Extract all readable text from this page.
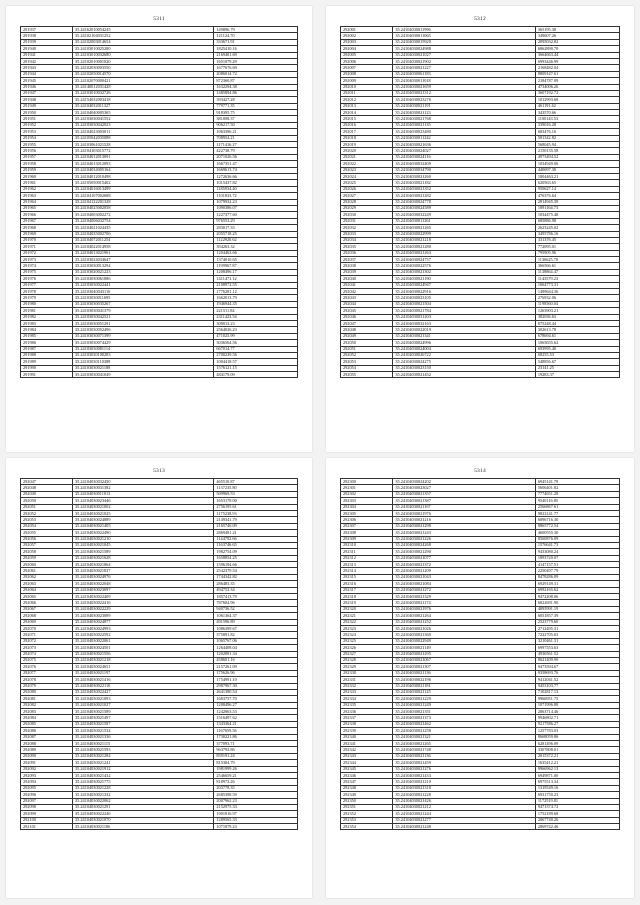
5311
291937	35.24162010054245	149896.79
291938	35.24102104031252	121124.70
291939	35.24102003014654	333671.91
291940	35.24103010025280	1825410.16
291941	35.24103010032680	2169481.69
291942	35.24102010001020	1651079.29
291943	35.24102030003550	1677676.69
291944	35.24102050014570	2086014.72
291945	35.24102070000421	872360.87
291946	35.24140012031428	1632294.38
291947	35.24103010032726	1485894.86
291948	35.24154032003418	393427.28
291949	35.24104032011327	779771.35
291950	35.24104040005365	918395.75
291951	35.24103030041552	381008.37
291952	35.24103030042023	906217.50
291953	35.24104023003011	1063396.21
291954	35.24105042035088	708954.21
291955	35.24103061021528	1171416.27
291956	35.24104103015772	422738.79
291957	35.24104012013091	2071026.56
291958	35.24104013012093	1667351.47
291959	35.24104034005164	1669613.74
291960	35.24104012010498	1272636.66
291961	35.24105050015402	1015437.82
291962	35.24104016013499	1185934.40
291963	35.24104107002688	1101833.72
291964	35.24104122201328	1079932.23
291965	35.24104025002058	1090386.07
291966	35.24104003002272	1227377.60
291967	35.24104006032754	976553.29
291968	35.24104021024435	283017.33
291969	35.24104035002706	2055718.25
291970	35.24104072011254	1122920.62
291971	35.24104022014958	394263.32
291972	35.24104013021961	1204463.66
291973	35.24103024034647	1374010.65
291974	35.24103030013294	1199967.87
291975	35.24103020021223	1208496.17
291976	35.24103030061886	1411471.12
291977	35.24103030022441	2108972.55
291978	35.24103040043116	1776281.12
291979	35.24103030011695	1662013.79
291980	35.24103030035267	1946944.35
291981	35.24103030041379	221511.84
291982	35.24103030042521	2311423.54
291983	35.24103030051291	300013.23
291984	35.24103030052496	2564026.23
291985	35.24103030071399	471025.99
291986	35.24103030074429	3036564.56
291987	35.24103030081114	667014.77
291988	35.24103030100283	2700239.56
291989	35.24103030110388	1004418.57
291990	35.24103030021188	1576121.15
291991	35.24103030041049	484179.09
5312
292001	35.24104030011996	365195.38
292002	35.24104030011065	349607.26
292003	35.24104030015920	2095032.82
292004	35.24104030024988	6862890.70
292005	35.24104030021027	3664663.44
292006	35.24104030021902	6993446.99
292007	35.24104030021227	2168482.04
292008	35.24104030061183	8809147.61
292009	35.24104030011018	2184787.09
292010	35.24104030021659	4734006.26
292011	35.24104030021312	3607192.72
292012	35.24104030023276	1012993.68
292013	35.24104030021191	461191.62
292014	35.24104030021123	343570.66
292015	35.24104030021768	1100143.53
292016	35.24104030021135	339016.28
292017	35.24104030023480	683476.16
292018	35.24104030011242	581342.82
292019	35.24104030021636	568045.94
292020	35.24104030024027	2150135.58
292021	35.24104030024116	4973494.52
292022	35.24104030032409	1034949.06
292023	35.24104030034790	440697.30
292024	35.24104030021260	1004463.21
292025	35.24104030021182	620563.65
292026	35.24104030021352	950627.14
292027	35.24104030021282	476376.64
292028	35.24104030024778	2814945.39
292029	35.24104030024589	1091164.73
292030	35.24104030032249	1034475.48
292031	35.24104030011261	685886.98
292032	35.24104030021265	2623245.02
292033	35.24104030022999	3495786.16
292034	35.24104030021218	331376.45
292035	35.24104030021280	772095.01
292036	35.24104030021263	795905.96
292037	35.24104030024757	1136625.70
292038	35.24104030022576	366566.61
292039	35.24104030021302	1138864.47
292040	35.24104030021190	1143579.23
292041	35.24104030024947	1064773.31
292042	35.24104030022916	1499644.36
292043	35.24104030023105	276932.06
292044	35.24104030021504	1198560.04
292045	35.24104030021784	1263903.21
292046	35.24104030031203	382036.63
292047	35.24104030032163	875248.44
292048	35.24104030022019	302613.78
292049	35.24104030021341	678694.61
292050	35.24104030024996	1065655.62
292051	35.24104030024004	693995.40
292052	35.24104030026722	68255.53
292053	35.24104030024275	548856.67
292054	35.24104030023150	23141.25
292055	35.24104030021452	19283.37
5313
292047	35.24104030032450	465510.87
292048	35.24104030031382	1137235.80
292049	35.24104030011013	509969.53
292050	35.24104030023446	1653178.00
292051	35.24104030021002	2756195.61
292052	35.24104030021025	1175238.93
292053	35.24104030024889	2149341.79
292054	35.24104030021405	2165746.09
292055	35.24104030022490	2869481.21
292056	35.24104030021210	1144792.66
292057	35.24104030021045	1163746.65
292058	35.24104030021589	1982754.09
292059	35.24104030021628	1658854.25
292060	35.24104030021864	1596194.66
292061	35.24104030021837	2542379.54
292062	35.24104030024976	1744342.82
292063	35.24104030022048	286483.35
292064	35.24104030023097	494753.34
292065	35.24104030022409	1857413.79
292066	35.24104030022416	787604.96
292067	35.24104030022229	940736.52
292068	35.24104030023089	1061364.37
292069	35.24104030024877	491596.89
292070	35.24104030024993	1086399.67
292071	35.24104030022592	375891.82
292072	35.24104030022061	1065767.06
292073	35.24104030024501	1264408.04
292074	35.24104030021556	1202891.34
292075	35.24104030021218	458601.16
292076	35.24104030024651	2157261.09
292077	35.24104030021197	175626.96
292078	35.24104030021416	1754991.10
292079	35.24104030022110	2987967.30
292080	35.24104030022427	2641380.54
292081	35.24104030021093	1683757.70
292082	35.24104030021027	1208496.27
292083	35.24104030021589	1242063.53
292084	35.24104030021497	1516497.62
292085	35.24104030021587	1343364.21
292086	35.24104030021534	1167659.56
292087	35.24104030021336	1730221.86
292088	35.24104030021115	377093.71
292089	35.24104030021593	963793.86
292090	35.24104030021284	859191.24
292091	35.24104030021241	815384.79
292092	35.24104030021912	1981999.26
292093	35.24104030021432	2546659.21
292094	35.24104030021775	818973.26
292095	35.24104030021228	203778.35
292096	35.24104030021332	2685398.59
292097	35.24104030022062	2007962.23
292098	35.24104030021291	2152975.33
292099	35.24104030022246	1901816.97
292100	35.24104030021070	1289565.33
292101	35.24104030021186	1071879.23
5314
292300	35.24104030024202	6945141.78
292301	35.24104030023027	5606401.82
292302	35.24104030021357	7774651.28
292303	35.24104030021387	9540116.85
292304	35.24104030021167	2566867.61
292305	35.24104030021976	9823141.77
292306	35.24104030021216	6896716.30
292307	35.24104030021298	8865772.54
292308	35.24104030021243	4600555.30
292309	35.24104030021226	8560876.09
292310	35.24104030024268	1576641.73
292311	35.24104030021290	9433080.24
292312	35.24104030021077	1893720.07
292313	35.24104030021372	4147157.51
292314	35.24104030021209	2250497.79
292315	35.24104030021043	8478286.09
292316	35.24104030021084	6929149.31
292317	35.24104030021272	6992165.62
292318	35.24104030021329	9472208.06
292319	35.24104030021174	6822691.90
292320	35.24104030021976	4895991.19
292321	35.24104030021264	6051857.39
292322	35.24104030021252	2523779.60
292323	35.24104030021026	2712495.31
292324	35.24104030021360	7222705.63
292325	35.24104030022949	3210461.31
292326	35.24104030021149	6997553.63
292327	35.24104030021295	4936561.52
292328	35.24104030021067	8621409.90
292329	35.24104030021307	9473594.67
292330	35.24104030021136	9358693.76
292331	35.24104030022196	9412041.52
292332	35.24104030021181	9453103.77
292333	35.24104030021125	7102817.13
292334	35.24104030021229	9966951.75
292335	35.24104030021249	1071996.88
292336	35.24104030021351	2063714.46
292337	35.24104030021373	9946802.71
292338	35.24104030021462	9217586.27
292339	35.24104030021258	1257783.03
292340	35.24104030021321	8668059.86
292341	35.24104030021265	6281496.09
292342	35.24104030021748	3307808.01
292343	35.24104030021136	2015372.21
292344	35.24104030021459	1635412.21
292345	35.24104030021276	9966962.13
292346	35.24104030021433	6949871.00
292347	35.24104030021210	6975513.34
292348	35.24104030021318	1319549.16
292349	35.24104030021228	6931750.23
292350	35.24104030021426	1172519.81
292351	35.24104030021212	9471374.72
292352	35.24104030021244	1752189.68
292353	35.24104030021277	2067740.26
292354	35.24104030021248	2069742.46
